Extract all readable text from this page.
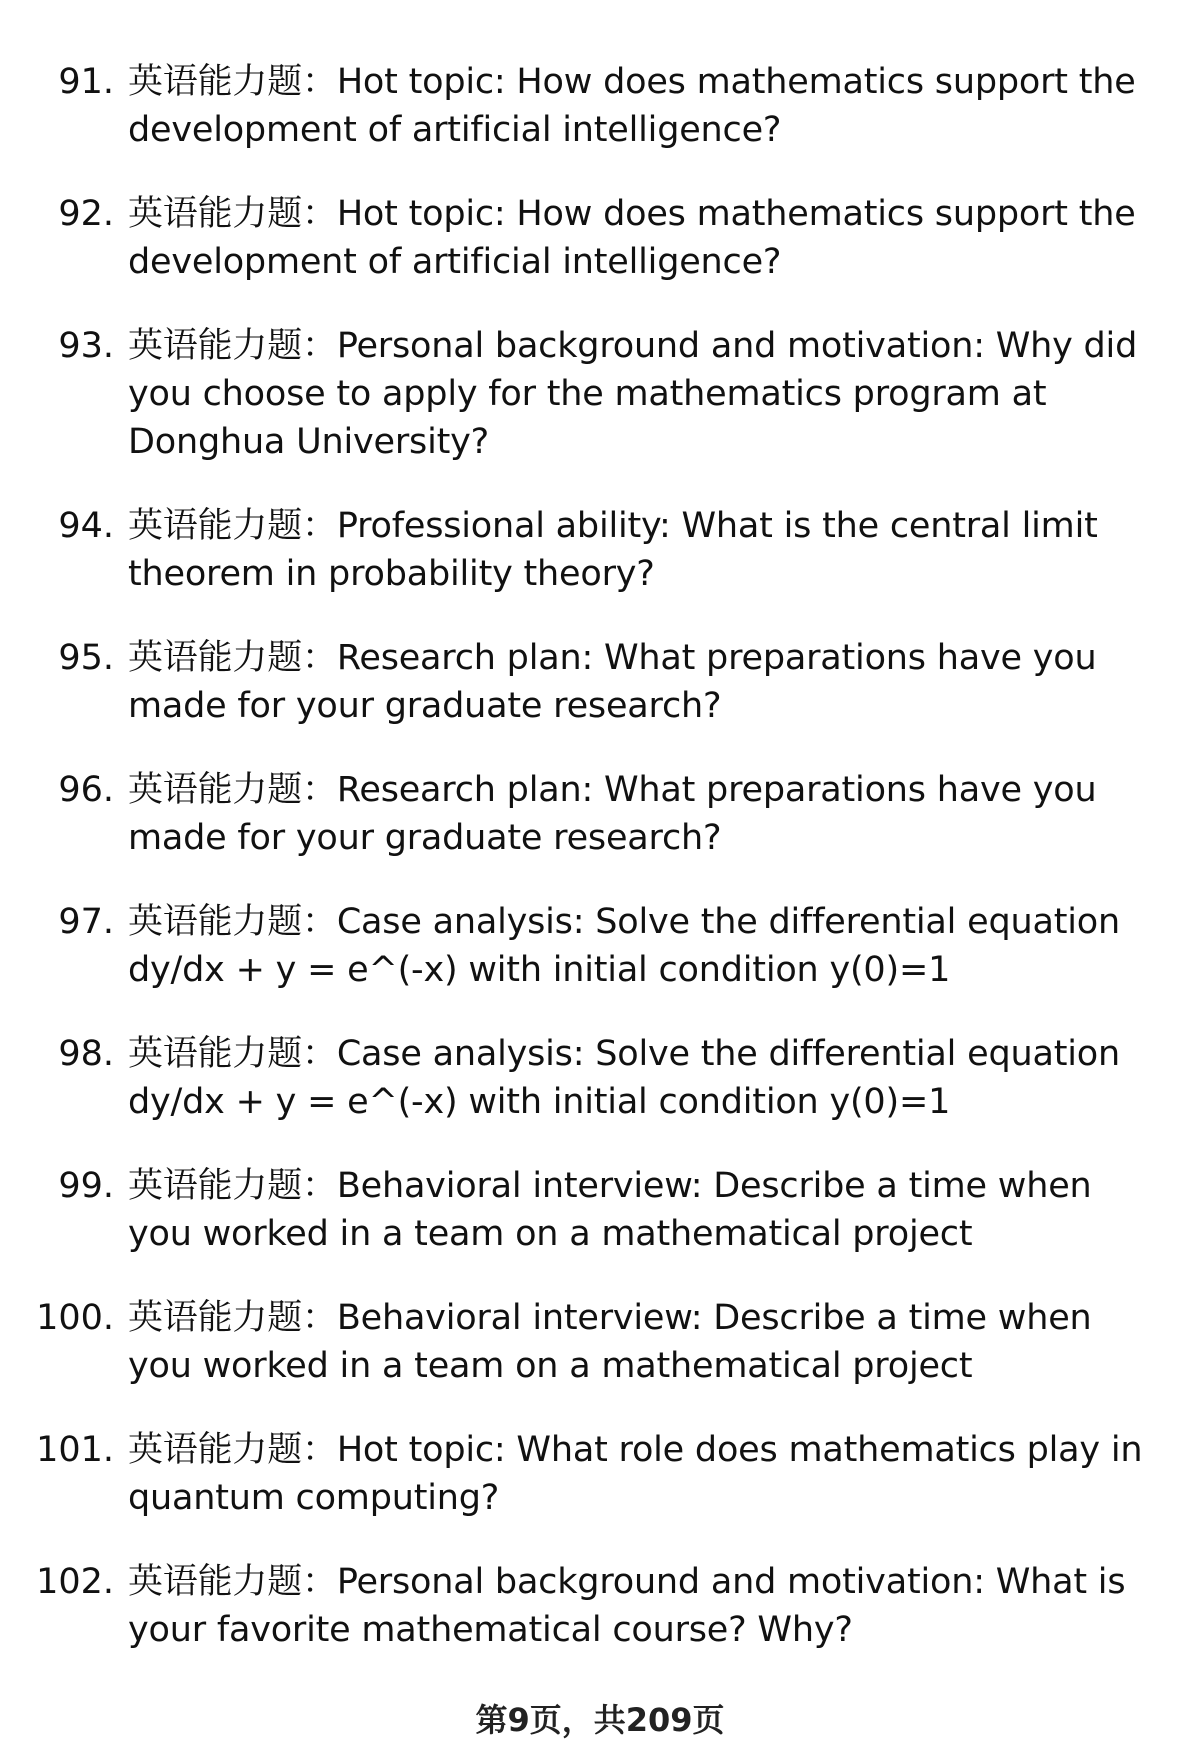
91. 英语能力题：Hot topic: How does mathematics support the development of artificial intelligence?
92. 英语能力题：Hot topic: How does mathematics support the development of artificial intelligence?
93. 英语能力题：Personal background and motivation: Why did you choose to apply for the mathematics program at Donghua University?
94. 英语能力题：Professional ability: What is the central limit theorem in probability theory?
95. 英语能力题：Research plan: What preparations have you made for your graduate research?
96. 英语能力题：Research plan: What preparations have you made for your graduate research?
97. 英语能力题：Case analysis: Solve the differential equation dy/dx + y = e^(-x) with initial condition y(0)=1
98. 英语能力题：Case analysis: Solve the differential equation dy/dx + y = e^(-x) with initial condition y(0)=1
99. 英语能力题：Behavioral interview: Describe a time when you worked in a team on a mathematical project
100. 英语能力题：Behavioral interview: Describe a time when you worked in a team on a mathematical project
101. 英语能力题：Hot topic: What role does mathematics play in quantum computing?
102. 英语能力题：Personal background and motivation: What is your favorite mathematical course? Why?
第9页，共209页
